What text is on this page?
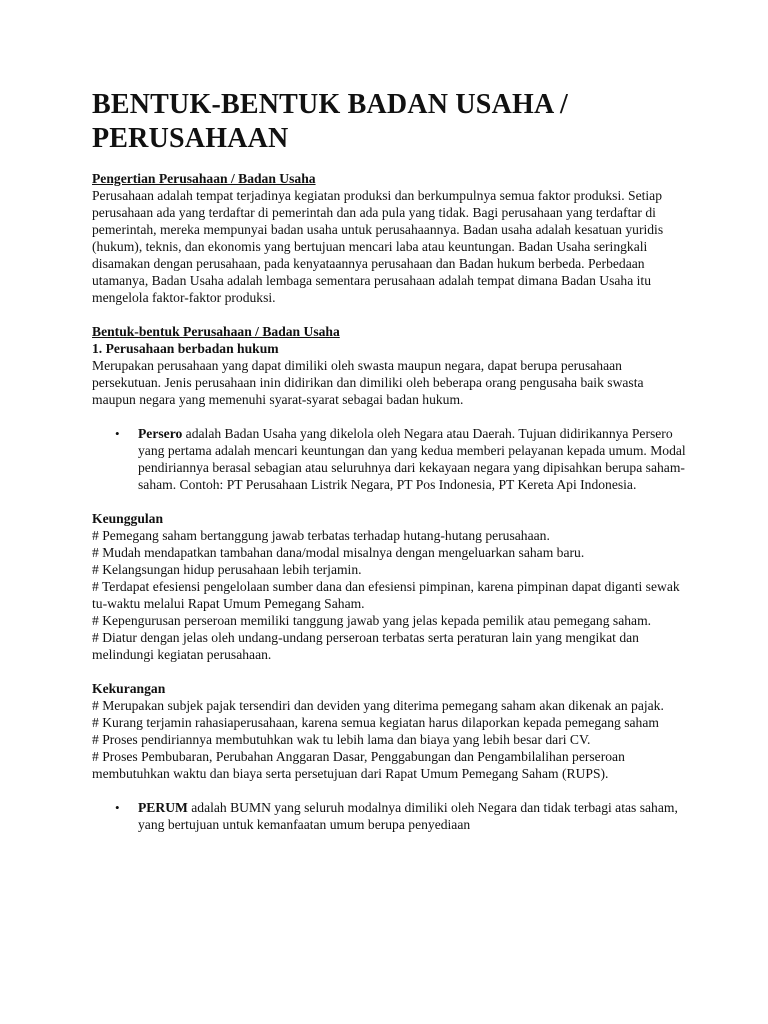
BENTUK-BENTUK BADAN USAHA / PERUSAHAAN
Pengertian Perusahaan / Badan Usaha

Perusahaan adalah tempat terjadinya kegiatan produksi dan berkumpulnya semua faktor produksi. Setiap perusahaan ada yang terdaftar di pemerintah dan ada pula yang tidak. Bagi perusahaan yang terdaftar di pemerintah, mereka mempunyai badan usaha untuk perusahaannya. Badan usaha adalah kesatuan yuridis (hukum), teknis, dan ekonomis yang bertujuan mencari laba atau keuntungan. Badan Usaha seringkali disamakan dengan perusahaan, pada kenyataannya perusahaan dan Badan hukum berbeda. Perbedaan utamanya, Badan Usaha adalah lembaga sementara perusahaan adalah tempat dimana Badan Usaha itu mengelola faktor-faktor produksi.

Bentuk-bentuk Perusahaan / Badan Usaha
1. Perusahaan berbadan hukum

Merupakan perusahaan yang dapat dimiliki oleh swasta maupun negara, dapat berupa perusahaan persekutuan. Jenis perusahaan inin didirikan dan dimiliki oleh beberapa orang pengusaha baik swasta maupun negara yang memenuhi syarat-syarat sebagai badan hukum.

• Persero adalah Badan Usaha yang dikelola oleh Negara atau Daerah. Tujuan didirikannya Persero yang pertama adalah mencari keuntungan dan yang kedua memberi pelayanan kepada umum. Modal pendiriannya berasal sebagian atau seluruhnya dari kekayaan negara yang dipisahkan berupa saham-saham. Contoh: PT Perusahaan Listrik Negara, PT Pos Indonesia, PT Kereta Api Indonesia.
Keunggulan
# Pemegang saham bertanggung jawab terbatas terhadap hutang-hutang perusahaan.
# Mudah mendapatkan tambahan dana/modal misalnya dengan mengeluarkan saham baru.
# Kelangsungan hidup perusahaan lebih terjamin.
# Terdapat efesiensi pengelolaan sumber dana dan efesiensi pimpinan, karena pimpinan dapat diganti sewak tu-waktu melalui Rapat Umum Pemegang Saham.
# Kepengurusan perseroan memiliki tanggung jawab yang jelas kepada pemilik atau pemegang saham.
# Diatur dengan jelas oleh undang-undang perseroan terbatas serta peraturan lain yang mengikat dan melindungi kegiatan perusahaan.
Kekurangan
# Merupakan subjek pajak tersendiri dan deviden yang diterima pemegang saham akan dikenak an pajak.
# Kurang terjamin rahasiaperusahaan, karena semua kegiatan harus dilaporkan kepada pemegang saham
# Proses pendiriannya membutuhkan wak tu lebih lama dan biaya yang lebih besar dari CV.
# Proses Pembubaran, Perubahan Anggaran Dasar, Penggabungan dan Pengambilalihan perseroan membutuhkan waktu dan biaya serta persetujuan dari Rapat Umum Pemegang Saham (RUPS).
• PERUM adalah BUMN yang seluruh modalnya dimiliki oleh Negara dan tidak terbagi atas saham, yang bertujuan untuk kemanfaatan umum berupa penyediaan
